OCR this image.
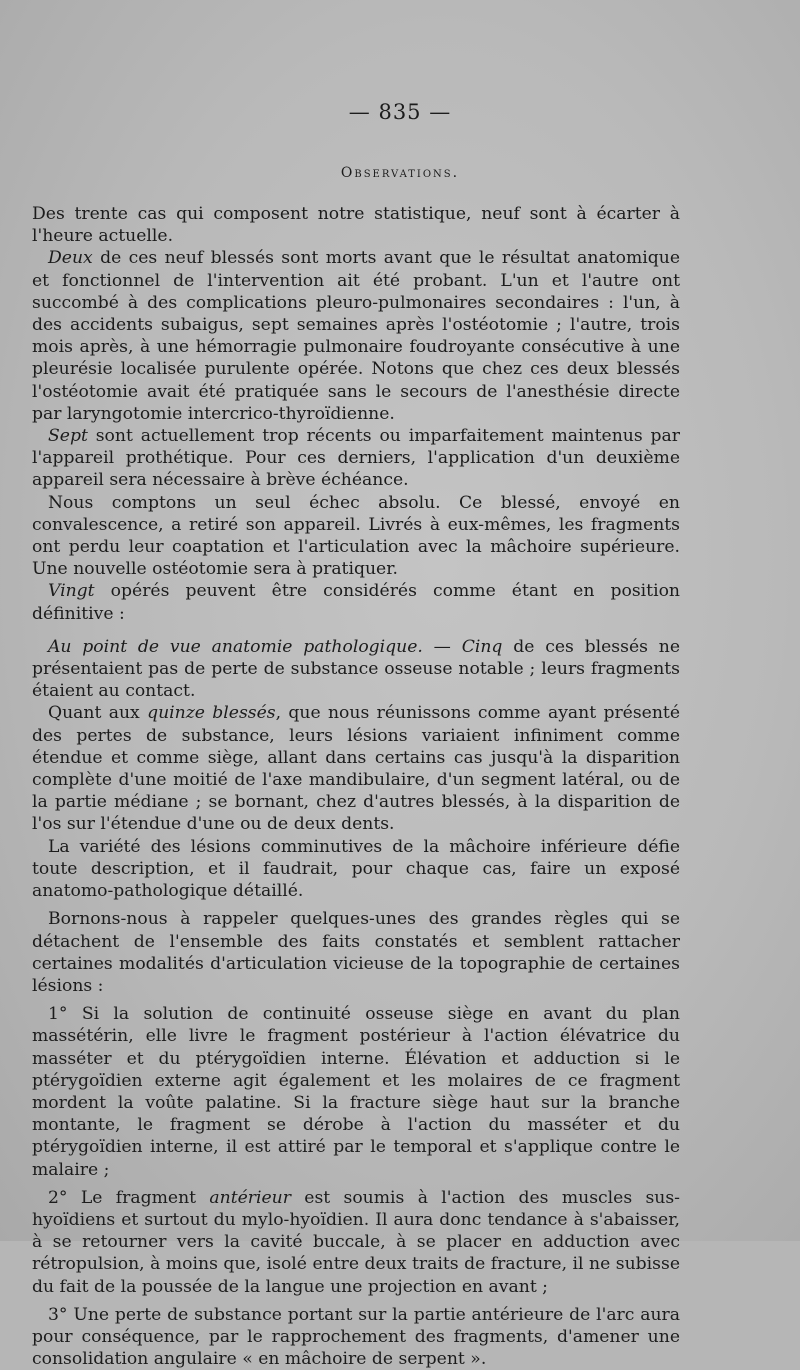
— 835 —
Observations.

Des trente cas qui composent notre statistique, neuf sont à écarter à l'heure actuelle.

Deux de ces neuf blessés sont morts avant que le résultat anatomique et fonctionnel de l'intervention ait été probant. L'un et l'autre ont succombé à des complications pleuro-pulmonaires secondaires : l'un, à des accidents subaigus, sept semaines après l'ostéotomie ; l'autre, trois mois après, à une hémorragie pulmonaire foudroyante consécutive à une pleurésie localisée purulente opérée. Notons que chez ces deux blessés l'ostéotomie avait été pratiquée sans le secours de l'anesthésie directe par laryngotomie intercrico-thyroïdienne.

Sept sont actuellement trop récents ou imparfaitement maintenus par l'appareil prothétique. Pour ces derniers, l'application d'un deuxième appareil sera nécessaire à brève échéance.

Nous comptons un seul échec absolu. Ce blessé, envoyé en convalescence, a retiré son appareil. Livrés à eux-mêmes, les fragments ont perdu leur coaptation et l'articulation avec la mâchoire supérieure. Une nouvelle ostéotomie sera à pratiquer.

Vingt opérés peuvent être considérés comme étant en position définitive :

Au point de vue anatomie pathologique. — Cinq de ces blessés ne présentaient pas de perte de substance osseuse notable ; leurs fragments étaient au contact.

Quant aux quinze blessés, que nous réunissons comme ayant présenté des pertes de substance, leurs lésions variaient infiniment comme étendue et comme siège, allant dans certains cas jusqu'à la disparition complète d'une moitié de l'axe mandibulaire, d'un segment latéral, ou de la partie médiane ; se bornant, chez d'autres blessés, à la disparition de l'os sur l'étendue d'une ou de deux dents.

La variété des lésions comminutives de la mâchoire inférieure défie toute description, et il faudrait, pour chaque cas, faire un exposé anatomo-pathologique détaillé.

Bornons-nous à rappeler quelques-unes des grandes règles qui se détachent de l'ensemble des faits constatés et semblent rattacher certaines modalités d'articulation vicieuse de la topographie de certaines lésions :

1° Si la solution de continuité osseuse siège en avant du plan massétérin, elle livre le fragment postérieur à l'action élévatrice du masséter et du ptérygoïdien interne. Élévation et adduction si le ptérygoïdien externe agit également et les molaires de ce fragment mordent la voûte palatine. Si la fracture siège haut sur la branche montante, le fragment se dérobe à l'action du masséter et du ptérygoïdien interne, il est attiré par le temporal et s'applique contre le malaire ;

2° Le fragment antérieur est soumis à l'action des muscles sus-hyoïdiens et surtout du mylo-hyoïdien. Il aura donc tendance à s'abaisser, à se retourner vers la cavité buccale, à se placer en adduction avec rétropulsion, à moins que, isolé entre deux traits de fracture, il ne subisse du fait de la poussée de la langue une projection en avant ;

3° Une perte de substance portant sur la partie antérieure de l'arc aura pour conséquence, par le rapprochement des fragments, d'amener une consolidation angulaire « en mâchoire de serpent ».
